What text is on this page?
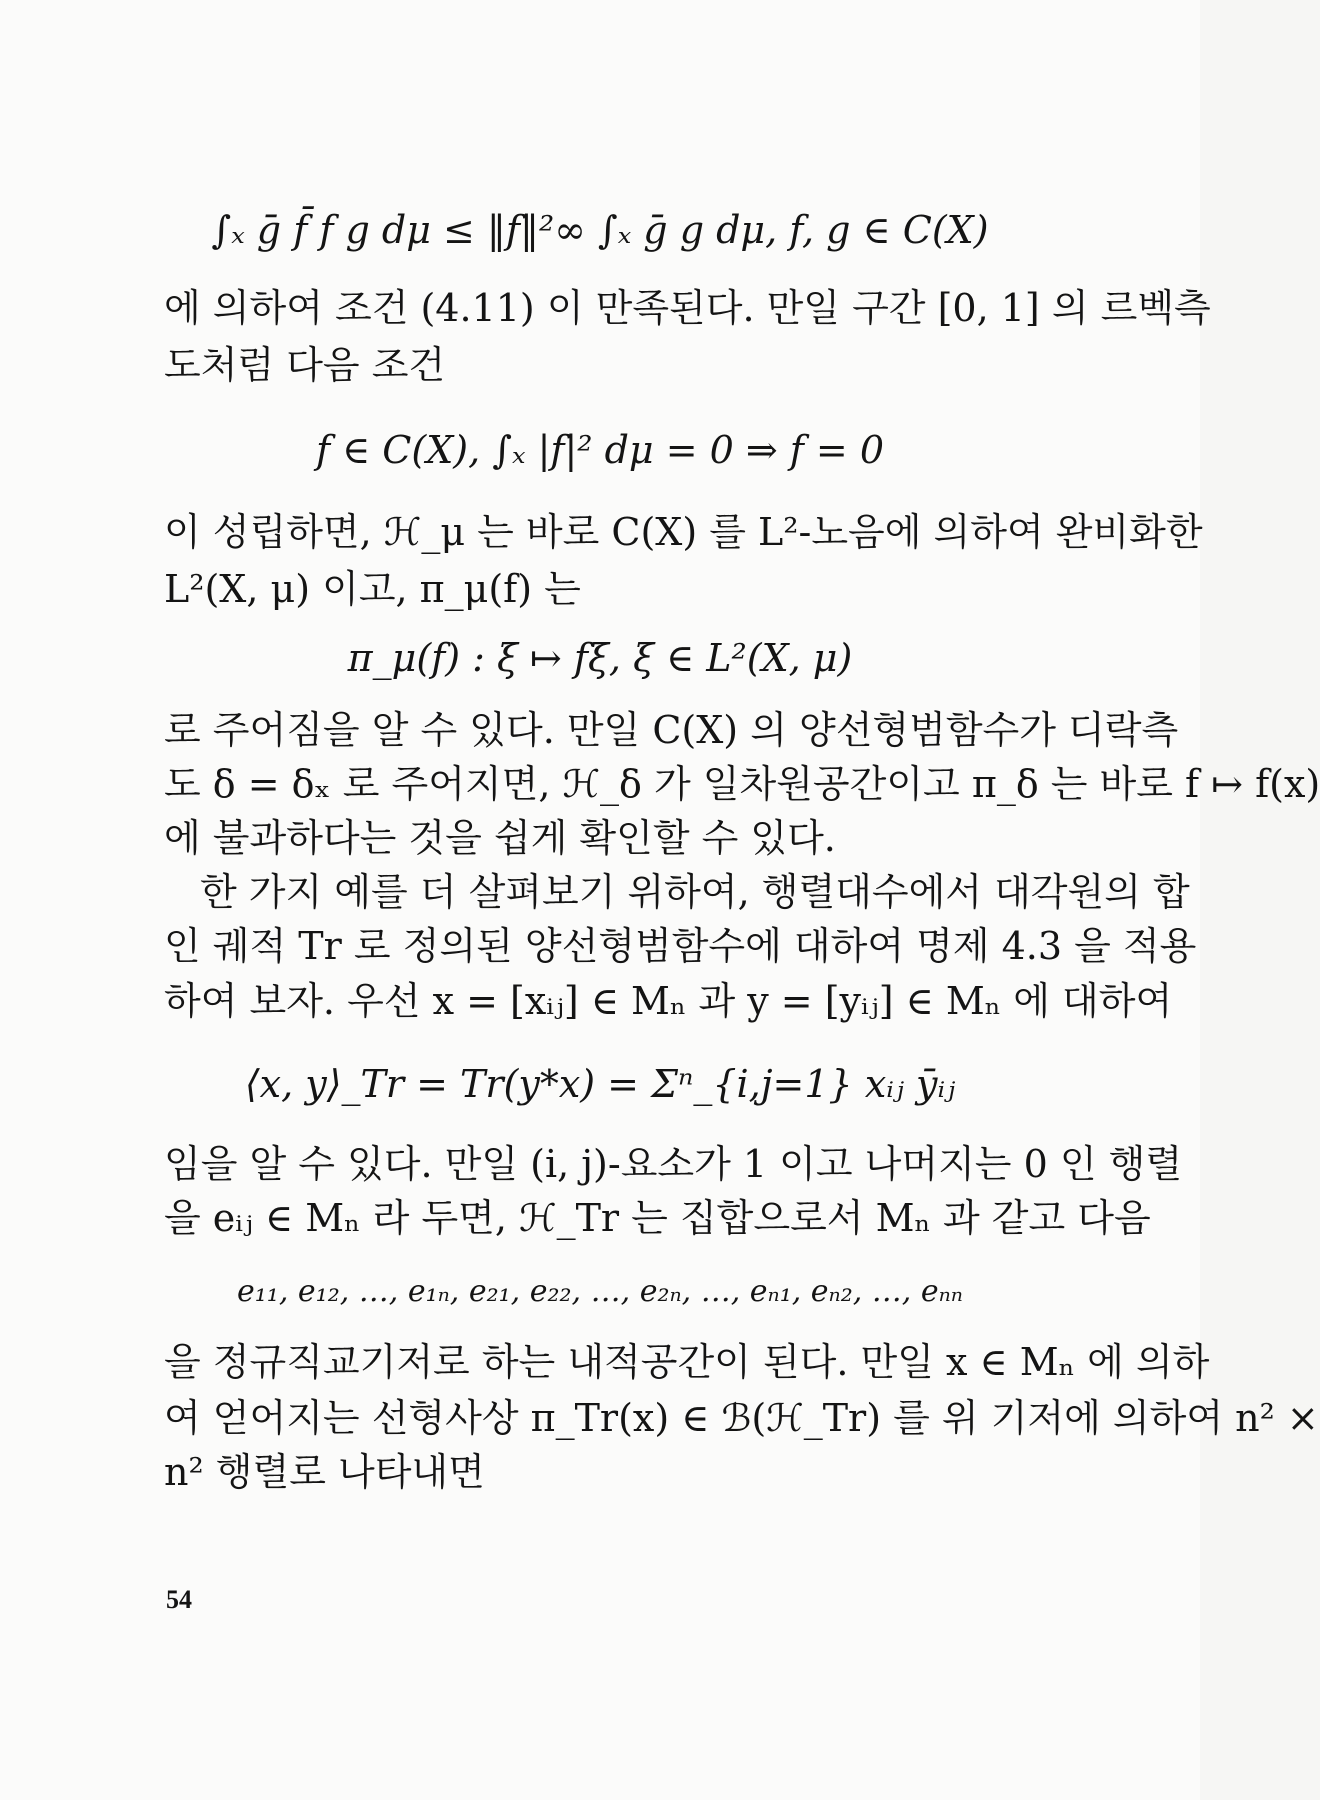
∫ₓ ḡ f̄ f g dμ ≤ ‖f‖²∞ ∫ₓ ḡ g dμ, f, g ∈ C(X)
에 의하여 조건 (4.11) 이 만족된다. 만일 구간 [0, 1] 의 르벡측
도처럼 다음 조건
f ∈ C(X), ∫ₓ |f|² dμ = 0 ⇒ f = 0
이 성립하면, ℋ_μ 는 바로 C(X) 를 L²-노음에 의하여 완비화한
L²(X, μ) 이고, π_μ(f) 는
π_μ(f) : ξ ↦ fξ, ξ ∈ L²(X, μ)
로 주어짐을 알 수 있다. 만일 C(X) 의 양선형범함수가 디락측
도 δ = δₓ 로 주어지면, ℋ_δ 가 일차원공간이고 π_δ 는 바로 f ↦ f(x)
에 불과하다는 것을 쉽게 확인할 수 있다.
한 가지 예를 더 살펴보기 위하여, 행렬대수에서 대각원의 합
인 궤적 Tr 로 정의된 양선형범함수에 대하여 명제 4.3 을 적용
하여 보자. 우선 x = [xᵢⱼ] ∈ Mₙ 과 y = [yᵢⱼ] ∈ Mₙ 에 대하여
⟨x, y⟩_Tr = Tr(y*x) = Σⁿ_{i,j=1} xᵢⱼ ȳᵢⱼ
임을 알 수 있다. 만일 (i, j)-요소가 1 이고 나머지는 0 인 행렬
을 eᵢⱼ ∈ Mₙ 라 두면, ℋ_Tr 는 집합으로서 Mₙ 과 같고 다음
e₁₁, e₁₂, …, e₁ₙ, e₂₁, e₂₂, …, e₂ₙ, …, eₙ₁, eₙ₂, …, eₙₙ
을 정규직교기저로 하는 내적공간이 된다. 만일 x ∈ Mₙ 에 의하
여 얻어지는 선형사상 π_Tr(x) ∈ ℬ(ℋ_Tr) 를 위 기저에 의하여 n² ×
n² 행렬로 나타내면
54
